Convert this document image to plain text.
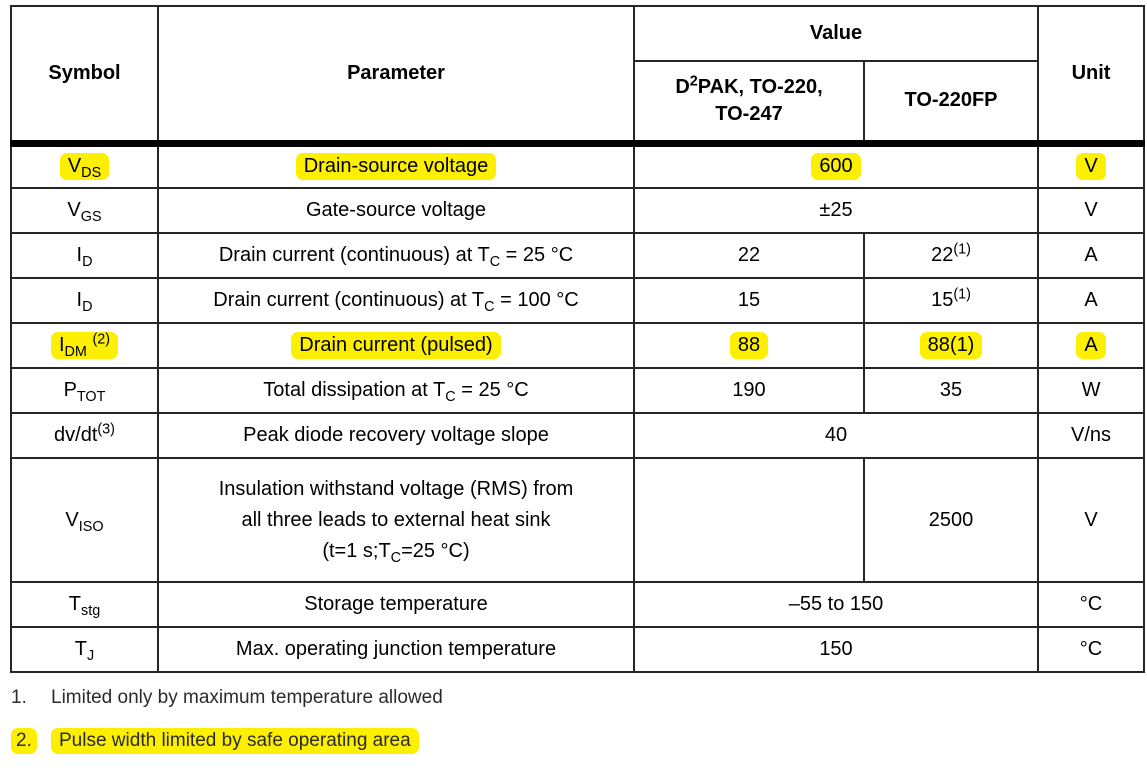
Symbol	Parameter	Value		Unit
		$D^2PAK$, TO-220,
TO-247	TO-220FP	
$V_{DS}$	Drain-source voltage	600		V
$V_{GS}$	Gate-source voltage	±25		V
$I_D$	Drain current (continuous) at $T_C = 25$ °C	22	22$^{(1)}$	A
$I_D$	Drain current (continuous) at $T_C = 100$ °C	15	15$^{(1)}$	A
$I_{DM}$ $^{(2)}$	Drain current (pulsed)	88	88(1)	A
$P_{TOT}$	Total dissipation at $T_C = 25$ °C	190	35	W
$dv/dt^{(3)}$	Peak diode recovery voltage slope	40		V/ns
$V_{ISO}$	Insulation withstand voltage (RMS) from
all three leads to external heat sink
(t=1 $s;T_C=25$ °C)		2500	V
$T_{stg}$	Storage temperature	–55 to 150		°C
$T_J$	Max. operating junction temperature	150		°C
1.	Limited only by maximum temperature allowed
2.	Pulse width limited by safe operating area
